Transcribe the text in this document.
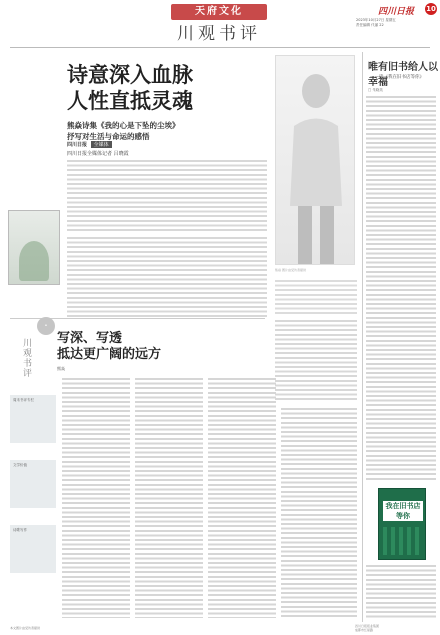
天府文化
川观书评
四川日报 10
2023年10月27日 星期五
责任编辑 代丽 22
诗意深入血脉
人性直抵灵魂
熊焱诗集《我的心是下坠的尘埃》
抒写对生活与命运的感悟
四川日报 全媒体
四川日报全媒体记者 吕晓霞
熊焱 图片由受访者提供
•
川观书评 写深、写透
抵达更广阔的远方
熊焱
周末书评专栏
文学价值
诗歌写作
唯有旧书给人以幸福
——读《我在旧书店等你》
□ 朱晓英
我在旧书店等你
本文图片由受访者提供	四川日报报业集团
成都市红星路
